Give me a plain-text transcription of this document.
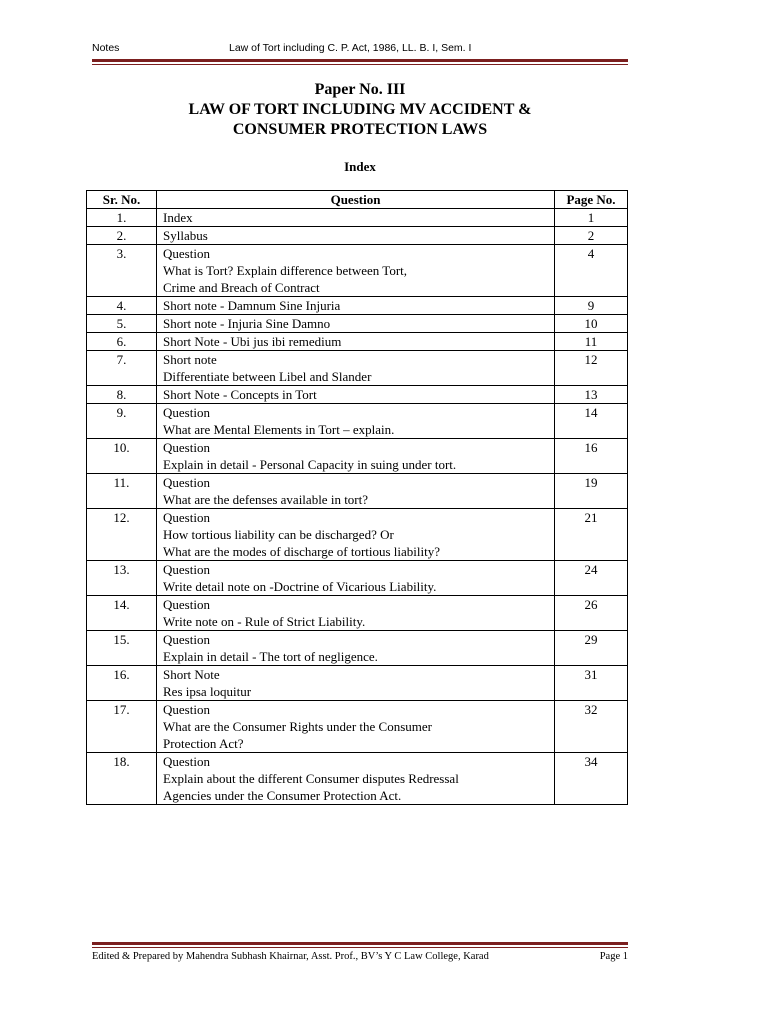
Notes	Law of Tort including C. P. Act, 1986, LL. B. I, Sem. I
Paper No. III
LAW OF TORT INCLUDING MV ACCIDENT &
CONSUMER PROTECTION LAWS
Index
Sr. No.	Question	Page No.
1.	Index	1
2.	Syllabus	2
3.	Question
What is Tort? Explain difference between Tort,
Crime and Breach of Contract	4
4.	Short note - Damnum Sine Injuria	9
5.	Short note - Injuria Sine Damno	10
6.	Short Note - Ubi jus ibi remedium	11
7.	Short note
Differentiate between Libel and Slander	12
8.	Short Note - Concepts in Tort	13
9.	Question
What are Mental Elements in Tort – explain.	14
10.	Question
Explain in detail - Personal Capacity in suing under tort.	16
11.	Question
What are the defenses available in tort?	19
12.	Question
How tortious liability can be discharged? Or
What are the modes of discharge of tortious liability?	21
13.	Question
Write detail note on -Doctrine of Vicarious Liability.	24
14.	Question
Write note on - Rule of Strict Liability.	26
15.	Question
Explain in detail - The tort of negligence.	29
16.	Short Note
Res ipsa loquitur	31
17.	Question
What are the Consumer Rights under the Consumer
Protection Act?	32
18.	Question
Explain about the different Consumer disputes Redressal
Agencies under the Consumer Protection Act.	34
Edited & Prepared by Mahendra Subhash Khairnar, Asst. Prof., BV’s Y C Law College, Karad	Page 1
